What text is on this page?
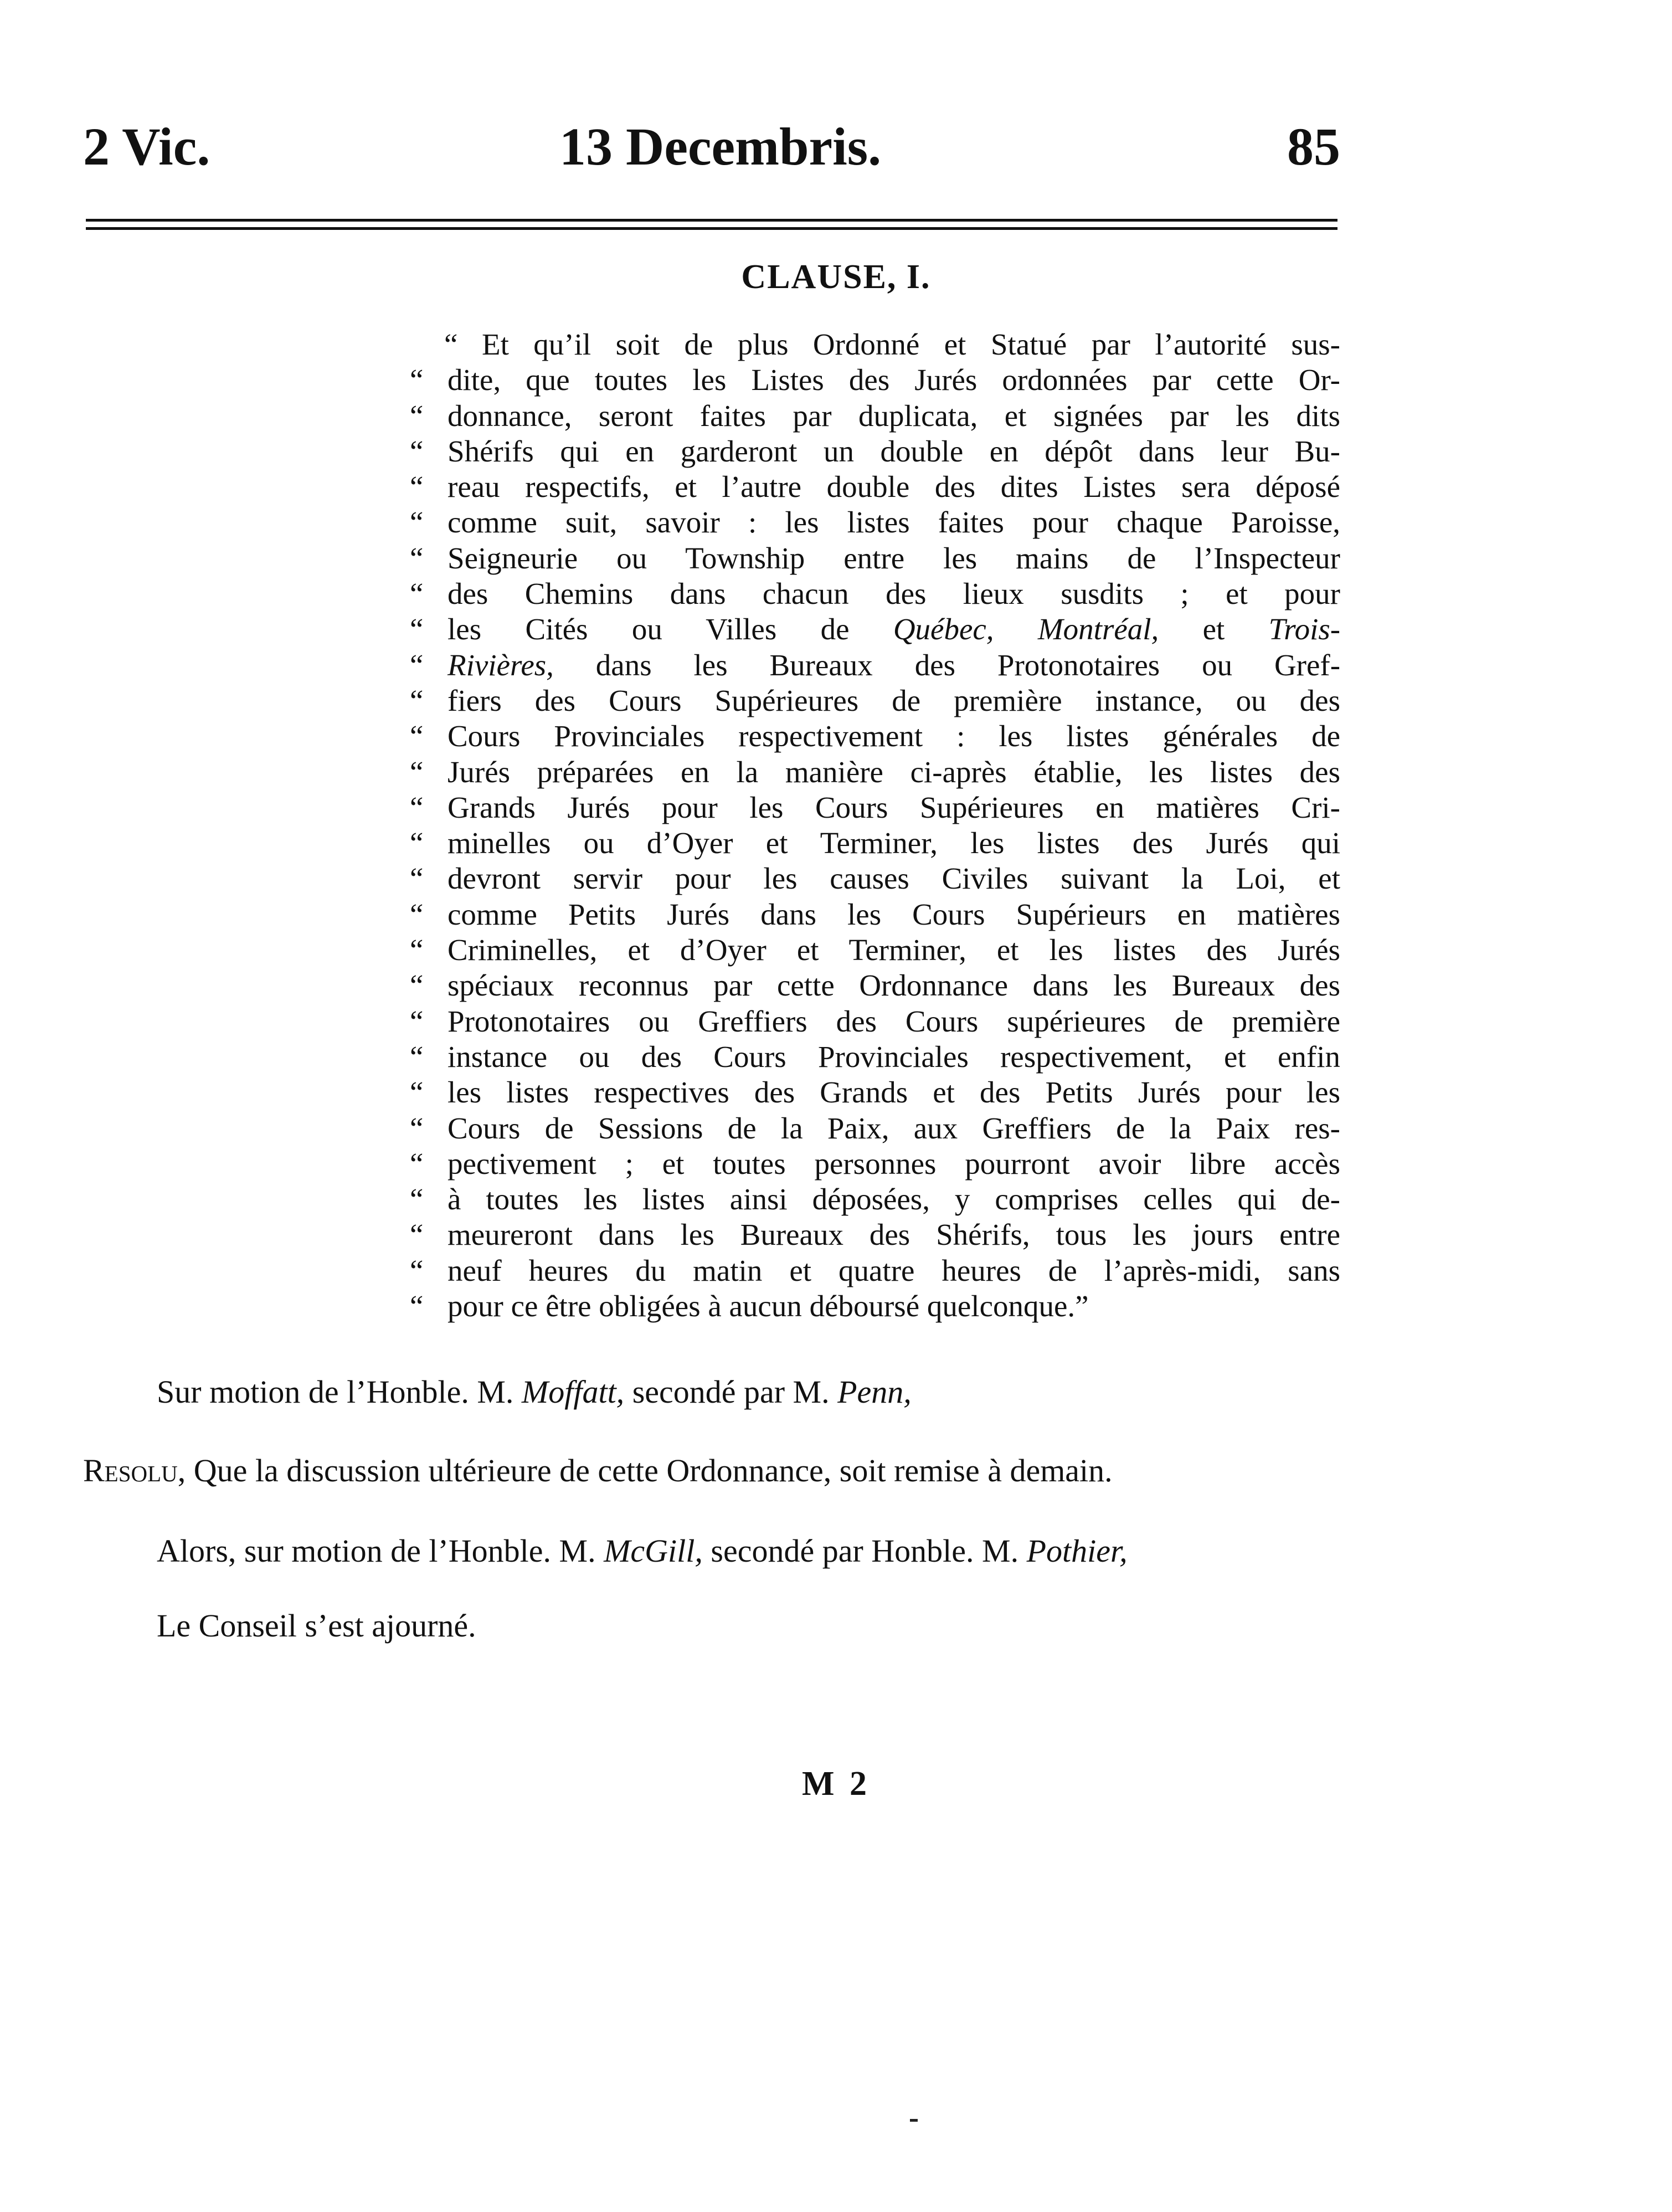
2 Vic.	13 Decembris.	85
CLAUSE, I.
“ Et qu’il soit de plus Ordonné et Statué par l’autorité sus-
“ dite, que toutes les Listes des Jurés ordonnées par cette Or-
“ donnance, seront faites par duplicata, et signées par les dits
“ Shérifs qui en garderont un double en dépôt dans leur Bu-
“ reau respectifs, et l’autre double des dites Listes sera déposé
“ comme suit, savoir : les listes faites pour chaque Paroisse,
“ Seigneurie ou Township entre les mains de l’Inspecteur
“ des Chemins dans chacun des lieux susdits ; et pour
“ les Cités ou Villes de Québec, Montréal, et Trois-
“ Rivières, dans les Bureaux des Protonotaires ou Gref-
“ fiers des Cours Supérieures de première instance, ou des
“ Cours Provinciales respectivement : les listes générales de
“ Jurés préparées en la manière ci-après établie, les listes des
“ Grands Jurés pour les Cours Supérieures en matières Cri-
“ minelles ou d’Oyer et Terminer, les listes des Jurés qui
“ devront servir pour les causes Civiles suivant la Loi, et
“ comme Petits Jurés dans les Cours Supérieurs en matières
“ Criminelles, et d’Oyer et Terminer, et les listes des Jurés
“ spéciaux reconnus par cette Ordonnance dans les Bureaux des
“ Protonotaires ou Greffiers des Cours supérieures de première
“ instance ou des Cours Provinciales respectivement, et enfin
“ les listes respectives des Grands et des Petits Jurés pour les
“ Cours de Sessions de la Paix, aux Greffiers de la Paix res-
“ pectivement ; et toutes personnes pourront avoir libre accès
“ à toutes les listes ainsi déposées, y comprises celles qui de-
“ meureront dans les Bureaux des Shérifs, tous les jours entre
“ neuf heures du matin et quatre heures de l’après-midi, sans
“ pour ce être obligées à aucun déboursé quelconque.”
Sur motion de l’Honble. M. Moffatt, secondé par M. Penn,
Resolu, Que la discussion ultérieure de cette Ordonnance, soit remise à demain.
Alors, sur motion de l’Honble. M. McGill, secondé par Honble. M. Pothier,
Le Conseil s’est ajourné.
M 2
